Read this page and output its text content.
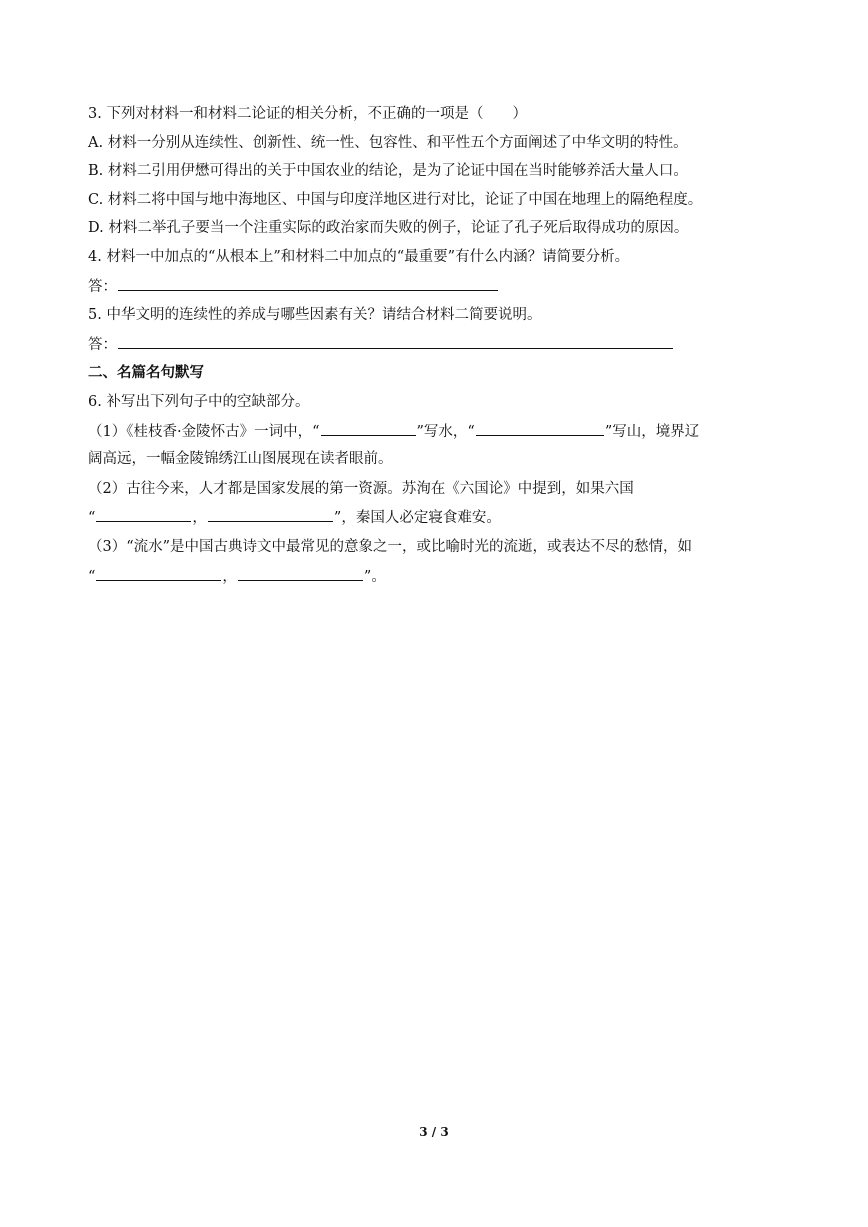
3. 下列对材料一和材料二论证的相关分析，不正确的一项是（　　）
A. 材料一分别从连续性、创新性、统一性、包容性、和平性五个方面阐述了中华文明的特性。
B. 材料二引用伊懋可得出的关于中国农业的结论，是为了论证中国在当时能够养活大量人口。
C. 材料二将中国与地中海地区、中国与印度洋地区进行对比，论证了中国在地理上的隔绝程度。
D. 材料二举孔子要当一个注重实际的政治家而失败的例子，论证了孔子死后取得成功的原因。
4. 材料一中加点的“从根本上”和材料二中加点的“最重要”有什么内涵？请简要分析。
答：
5. 中华文明的连续性的养成与哪些因素有关？请结合材料二简要说明。
答：
二、名篇名句默写
6. 补写出下列句子中的空缺部分。
（1）《桂枝香·金陵怀古》一词中，“	”写水，“	”写山，境界辽
阔高远，一幅金陵锦绣江山图展现在读者眼前。
（2）古往今来，人才都是国家发展的第一资源。苏洵在《六国论》中提到，如果六国
“	，	”，秦国人必定寝食难安。
（3）“流水”是中国古典诗文中最常见的意象之一，或比喻时光的流逝，或表达不尽的愁情，如
“	，	”。
3 / 3
